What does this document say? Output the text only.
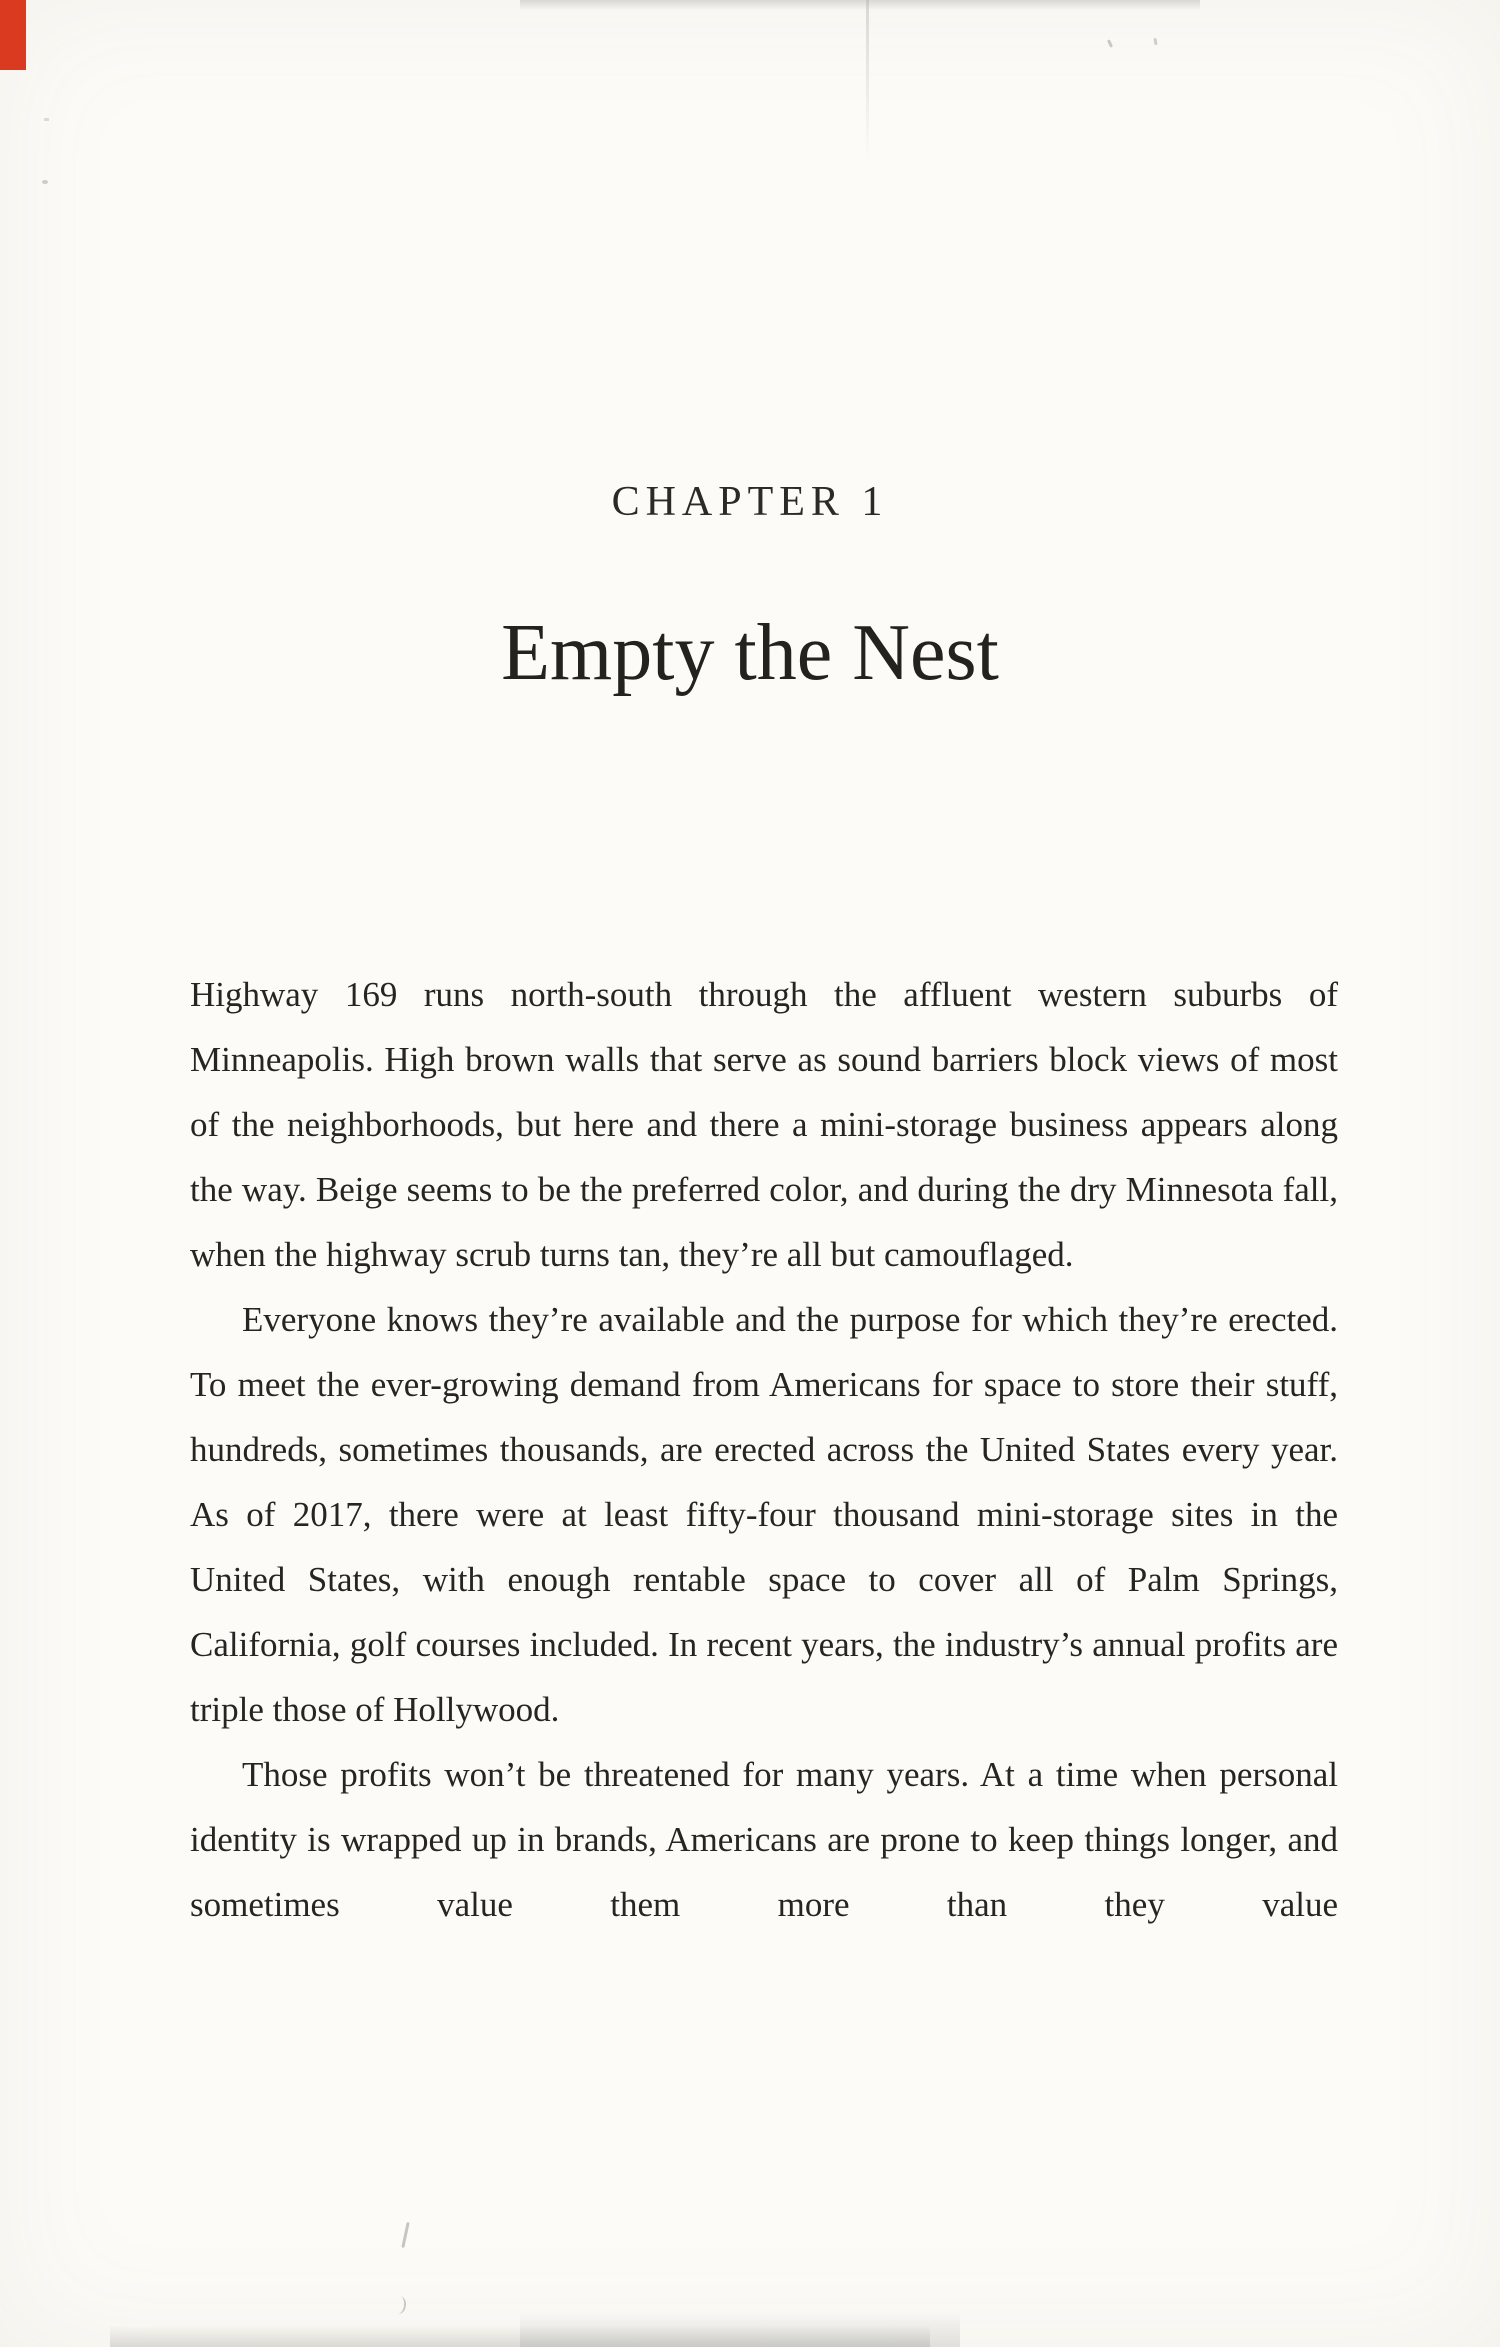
CHAPTER 1
Empty the Nest

Highway 169 runs north-south through the affluent western suburbs of Minneapolis. High brown walls that serve as sound barriers block views of most of the neighborhoods, but here and there a mini-storage business appears along the way. Beige seems to be the preferred color, and during the dry Minnesota fall, when the highway scrub turns tan, they’re all but camouflaged.

Everyone knows they’re available and the purpose for which they’re erected. To meet the ever-growing demand from Americans for space to store their stuff, hundreds, sometimes thousands, are erected across the United States every year. As of 2017, there were at least fifty-four thousand mini-storage sites in the United States, with enough rentable space to cover all of Palm Springs, California, golf courses included. In recent years, the industry’s annual profits are triple those of Hollywood.

Those profits won’t be threatened for many years. At a time when personal identity is wrapped up in brands, Americans are prone to keep things longer, and sometimes value them more than they value
